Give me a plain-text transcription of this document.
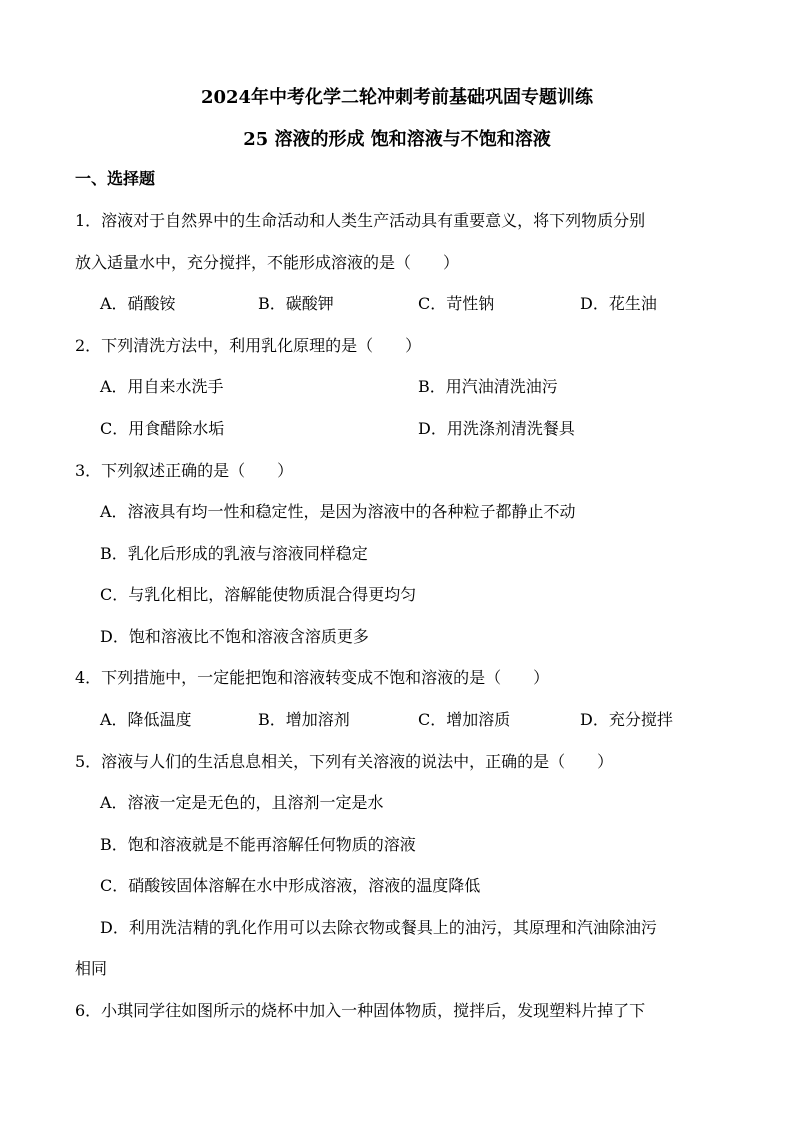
2024年中考化学二轮冲刺考前基础巩固专题训练
25 溶液的形成 饱和溶液与不饱和溶液
一、选择题
1．溶液对于自然界中的生命活动和人类生产活动具有重要意义，将下列物质分别
放入适量水中，充分搅拌，不能形成溶液的是（　　）
A．硝酸铵	B．碳酸钾	C．苛性钠	D．花生油
2．下列清洗方法中，利用乳化原理的是（　　）
A．用自来水洗手	B．用汽油清洗油污
C．用食醋除水垢	D．用洗涤剂清洗餐具
3．下列叙述正确的是（　　）
A．溶液具有均一性和稳定性，是因为溶液中的各种粒子都静止不动
B．乳化后形成的乳液与溶液同样稳定
C．与乳化相比，溶解能使物质混合得更均匀
D．饱和溶液比不饱和溶液含溶质更多
4．下列措施中，一定能把饱和溶液转变成不饱和溶液的是（　　）
A．降低温度	B．增加溶剂	C．增加溶质	D．充分搅拌
5．溶液与人们的生活息息相关，下列有关溶液的说法中，正确的是（　　）
A．溶液一定是无色的，且溶剂一定是水
B．饱和溶液就是不能再溶解任何物质的溶液
C．硝酸铵固体溶解在水中形成溶液，溶液的温度降低
D．利用洗洁精的乳化作用可以去除衣物或餐具上的油污，其原理和汽油除油污
相同
6．小琪同学往如图所示的烧杯中加入一种固体物质，搅拌后，发现塑料片掉了下
